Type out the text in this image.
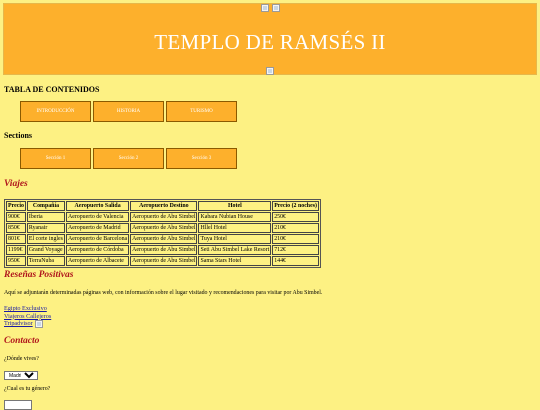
TEMPLO DE RAMSÉS II
TABLA DE CONTENIDOS
INTRODUCCIÓN	HISTORIA	TURISMO
Sections
Sección 1	Sección 2	Sección 3
Viajes
Precio	Compañía	Aeropuerto Salida	Aeropuerto Destino	Hotel	Precio (2 noches)
900€	Iberia	Aeropuerto de Valencia	Aeropuerto de Abu Simbel	Kabara Nubian House	250€
850€	Ryanair	Aeropuerto de Madrid	Aeropuerto de Abu Simbel	Hllel Hotel	210€
801€	El corte ingles	Aeropuerto de Barcelona	Aeropuerto de Abu Simbel	Tuya Hotel	210€
1199€	Grand Voyage	Aeropuerto de Córdoba	Aeropuerto de Abu Simbel	Seti Abu Simbel Lake Resort	712€
950€	TerraNuba	Aeropuerto de Albacete	Aeropuerto de Abu Simbel	Sama Stars Hotel	144€
Reseñas Positivas

Aquí se adjuntarán determinadas páginas web, con información sobre el lugar visitado y recomendaciones para visitar por Abu Simbel.

Egipto Exclusivo
Viajeros Callejeros
Tripadvisor
Contacto

¿Dónde vives?

Madrid

¿Cual es tu género?
